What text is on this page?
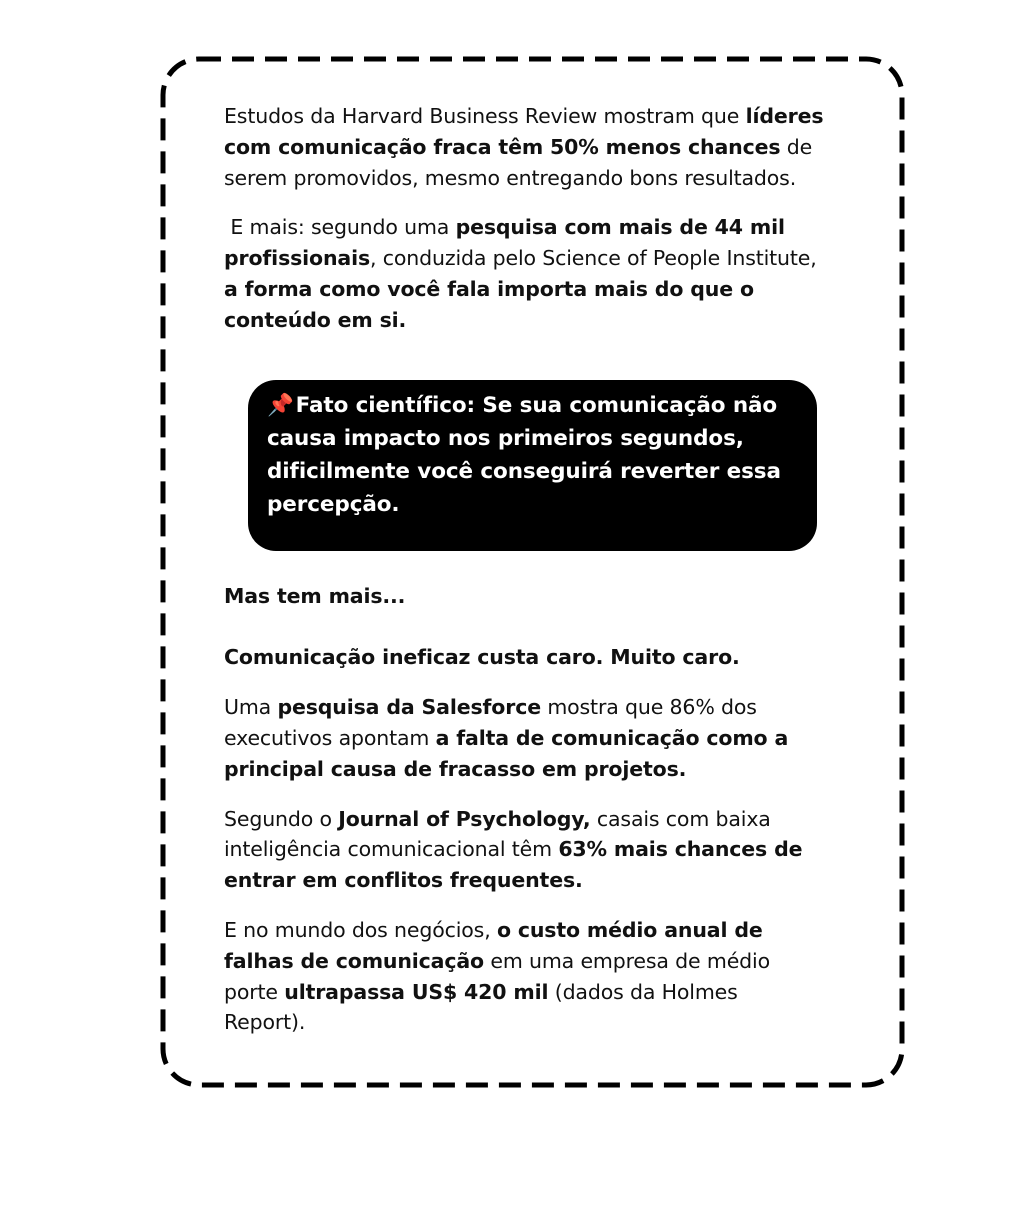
Estudos da Harvard Business Review mostram que líderes com comunicação fraca têm 50% menos chances de serem promovidos, mesmo entregando bons resultados.

E mais: segundo uma pesquisa com mais de 44 mil profissionais, conduzida pelo Science of People Institute, a forma como você fala importa mais do que o conteúdo em si.

📌Fato científico: Se sua comunicação não causa impacto nos primeiros segundos, dificilmente você conseguirá reverter essa percepção.

Mas tem mais...

Comunicação ineficaz custa caro. Muito caro.

Uma pesquisa da Salesforce mostra que 86% dos executivos apontam a falta de comunicação como a principal causa de fracasso em projetos.

Segundo o Journal of Psychology, casais com baixa inteligência comunicacional têm 63% mais chances de entrar em conflitos frequentes.

E no mundo dos negócios, o custo médio anual de falhas de comunicação em uma empresa de médio porte ultrapassa US$ 420 mil (dados da Holmes Report).
